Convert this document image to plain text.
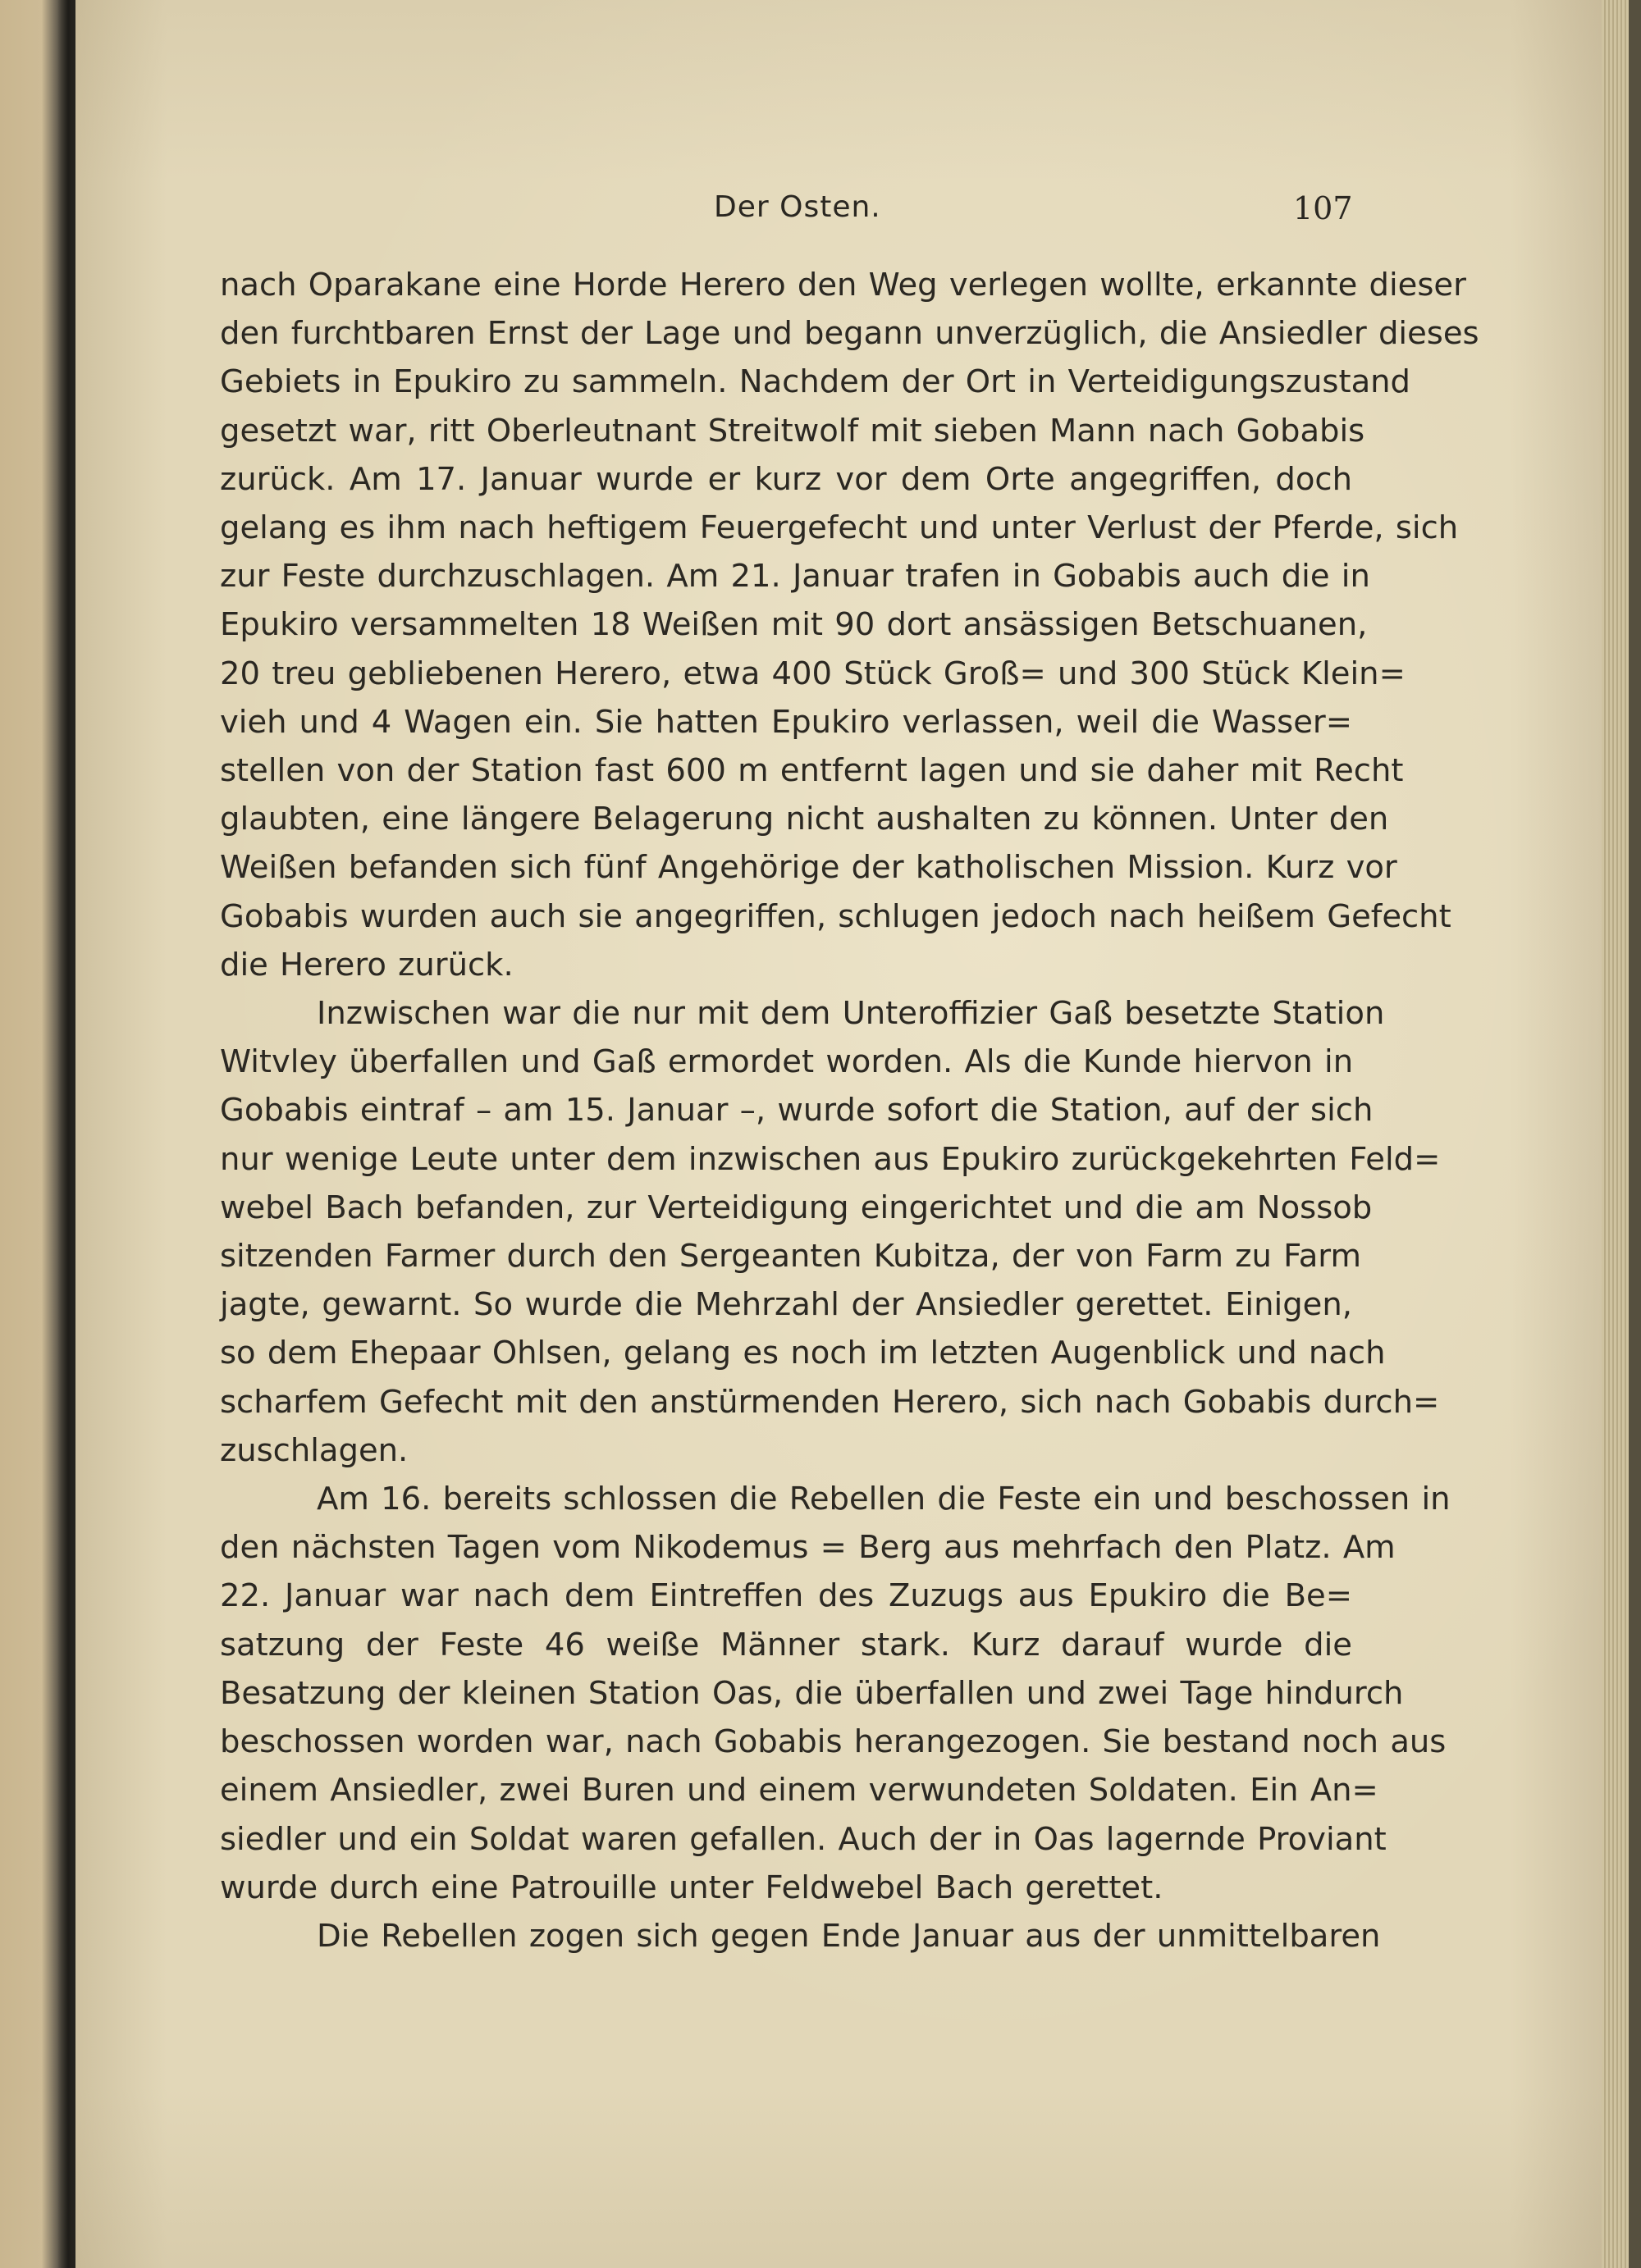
Der Osten.	107
nach Oparakane eine Horde Herero den Weg verlegen wollte, erkannte dieser
den furchtbaren Ernst der Lage und begann unverzüglich, die Ansiedler dieses
Gebiets in Epukiro zu sammeln. Nachdem der Ort in Verteidigungszustand
gesetzt war, ritt Oberleutnant Streitwolf mit sieben Mann nach Gobabis
zurück. Am 17. Januar wurde er kurz vor dem Orte angegriffen, doch
gelang es ihm nach heftigem Feuergefecht und unter Verlust der Pferde, sich
zur Feste durchzuschlagen. Am 21. Januar trafen in Gobabis auch die in
Epukiro versammelten 18 Weißen mit 90 dort ansässigen Betschuanen,
20 treu gebliebenen Herero, etwa 400 Stück Groß= und 300 Stück Klein=
vieh und 4 Wagen ein. Sie hatten Epukiro verlassen, weil die Wasser=
stellen von der Station fast 600 m entfernt lagen und sie daher mit Recht
glaubten, eine längere Belagerung nicht aushalten zu können. Unter den
Weißen befanden sich fünf Angehörige der katholischen Mission. Kurz vor
Gobabis wurden auch sie angegriffen, schlugen jedoch nach heißem Gefecht
die Herero zurück.
Inzwischen war die nur mit dem Unteroffizier Gaß besetzte Station
Witvley überfallen und Gaß ermordet worden. Als die Kunde hiervon in
Gobabis eintraf – am 15. Januar –, wurde sofort die Station, auf der sich
nur wenige Leute unter dem inzwischen aus Epukiro zurückgekehrten Feld=
webel Bach befanden, zur Verteidigung eingerichtet und die am Nossob
sitzenden Farmer durch den Sergeanten Kubitza, der von Farm zu Farm
jagte, gewarnt. So wurde die Mehrzahl der Ansiedler gerettet. Einigen,
so dem Ehepaar Ohlsen, gelang es noch im letzten Augenblick und nach
scharfem Gefecht mit den anstürmenden Herero, sich nach Gobabis durch=
zuschlagen.
Am 16. bereits schlossen die Rebellen die Feste ein und beschossen in
den nächsten Tagen vom Nikodemus = Berg aus mehrfach den Platz. Am
22. Januar war nach dem Eintreffen des Zuzugs aus Epukiro die Be=
satzung der Feste 46 weiße Männer stark. Kurz darauf wurde die
Besatzung der kleinen Station Oas, die überfallen und zwei Tage hindurch
beschossen worden war, nach Gobabis herangezogen. Sie bestand noch aus
einem Ansiedler, zwei Buren und einem verwundeten Soldaten. Ein An=
siedler und ein Soldat waren gefallen. Auch der in Oas lagernde Proviant
wurde durch eine Patrouille unter Feldwebel Bach gerettet.
Die Rebellen zogen sich gegen Ende Januar aus der unmittelbaren
